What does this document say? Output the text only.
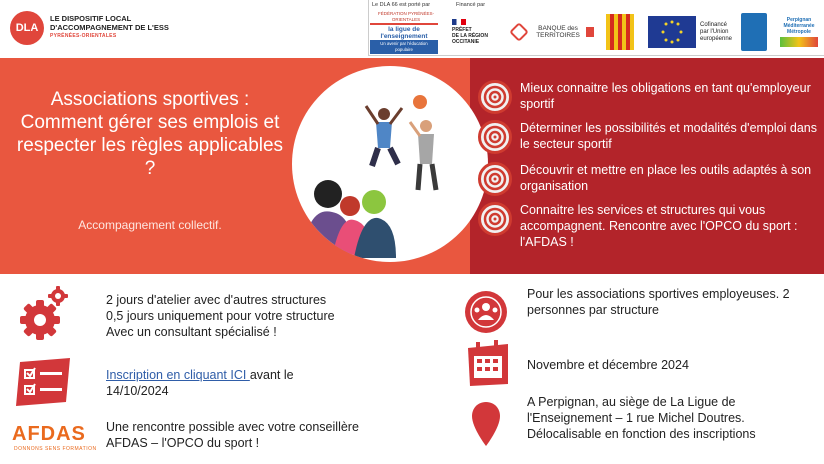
DLA
LE DISPOSITIF LOCAL
D'ACCOMPAGNEMENT DE L'ESS
PYRÉNÉES-ORIENTALES
Le DLA 66 est porté par	Financé par
FÉDÉRATION PYRÉNÉES-ORIENTALES
la ligue de l'enseignement
Un avenir par l'éducation populaire
PRÉFET
DE LA RÉGION
OCCITANIE
BANQUE des TERRITOIRES
Cofinancé
par l'Union
européenne
Perpignan
Méditerranée
Métropole
Associations sportives : Comment gérer ses emplois et respecter les règles applicables ?
Accompagnement collectif.
Mieux connaitre les obligations en tant qu'employeur sportif
Déterminer les possibilités et modalités d'emploi dans le secteur sportif
Découvrir et mettre en place les outils adaptés à son organisation
Connaitre les services et structures qui vous accompagnent. Rencontre avec l'OPCO du sport : l'AFDAS !
2 jours d'atelier avec d'autres structures
0,5 jours uniquement pour votre structure
Avec un consultant spécialisé !
Inscription en cliquant ICI avant le
14/10/2024
AFDAS
DONNONS SENS FORMATION
Une rencontre possible avec votre conseillère AFDAS – l'OPCO du sport !
Pour les associations sportives employeuses. 2 personnes par structure
Novembre et décembre 2024
A Perpignan, au siège de La Ligue de
l'Enseignement – 1 rue Michel Doutres.
Délocalisable en fonction des inscriptions
